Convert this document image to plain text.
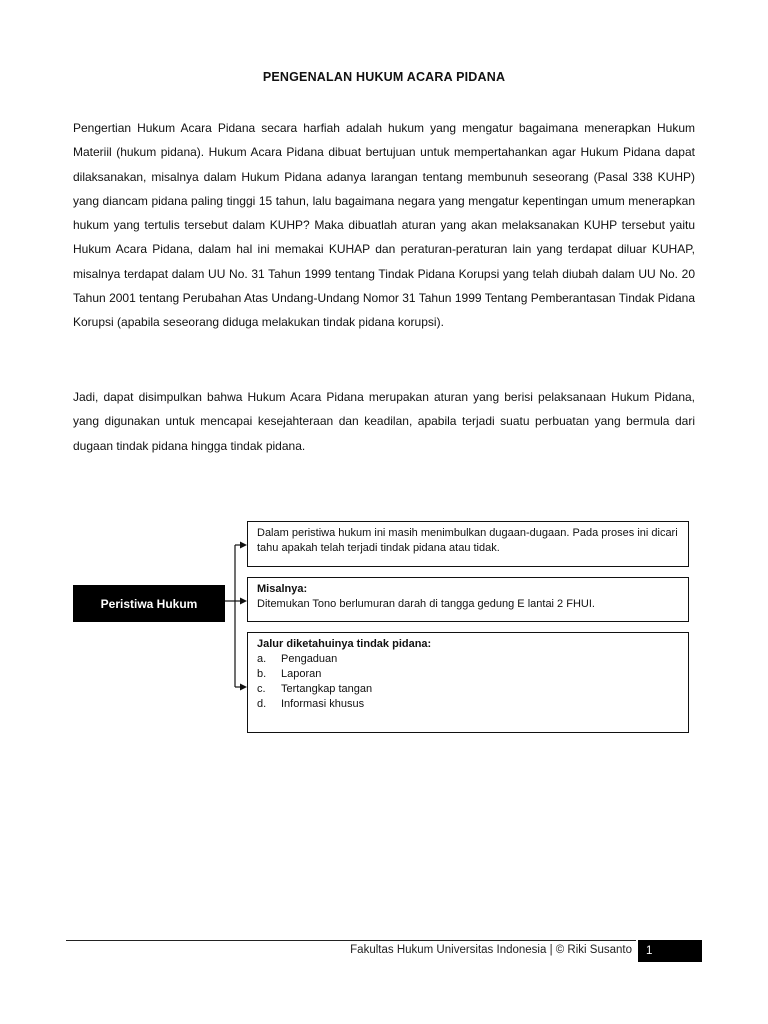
PENGENALAN HUKUM ACARA PIDANA
Pengertian Hukum Acara Pidana secara harfiah adalah hukum yang mengatur bagaimana menerapkan Hukum Materiil (hukum pidana). Hukum Acara Pidana dibuat bertujuan untuk mempertahankan agar Hukum Pidana dapat dilaksanakan, misalnya dalam Hukum Pidana adanya larangan tentang membunuh seseorang (Pasal 338 KUHP) yang diancam pidana paling tinggi 15 tahun, lalu bagaimana negara yang mengatur kepentingan umum menerapkan hukum yang tertulis tersebut dalam KUHP? Maka dibuatlah aturan yang akan melaksanakan KUHP tersebut yaitu Hukum Acara Pidana, dalam hal ini memakai KUHAP dan peraturan-peraturan lain yang terdapat diluar KUHAP, misalnya terdapat dalam UU No. 31 Tahun 1999 tentang Tindak Pidana Korupsi yang telah diubah dalam UU No. 20 Tahun 2001 tentang Perubahan Atas Undang-Undang Nomor 31 Tahun 1999 Tentang Pemberantasan Tindak Pidana Korupsi (apabila seseorang diduga melakukan tindak pidana korupsi).
Jadi, dapat disimpulkan bahwa Hukum Acara Pidana merupakan aturan yang berisi pelaksanaan Hukum Pidana, yang digunakan untuk mencapai kesejahteraan dan keadilan, apabila terjadi suatu perbuatan yang bermula dari dugaan tindak pidana hingga tindak pidana.
Peristiwa Hukum
Dalam peristiwa hukum ini masih menimbulkan dugaan-dugaan. Pada proses ini dicari tahu apakah telah terjadi tindak pidana atau tidak.
Misalnya:
Ditemukan Tono berlumuran darah di tangga gedung E lantai 2 FHUI.
Jalur diketahuinya tindak pidana:
a.	Pengaduan
b.	Laporan
c.	Tertangkap tangan
d.	Informasi khusus
Fakultas Hukum Universitas Indonesia | © Riki Susanto	1
